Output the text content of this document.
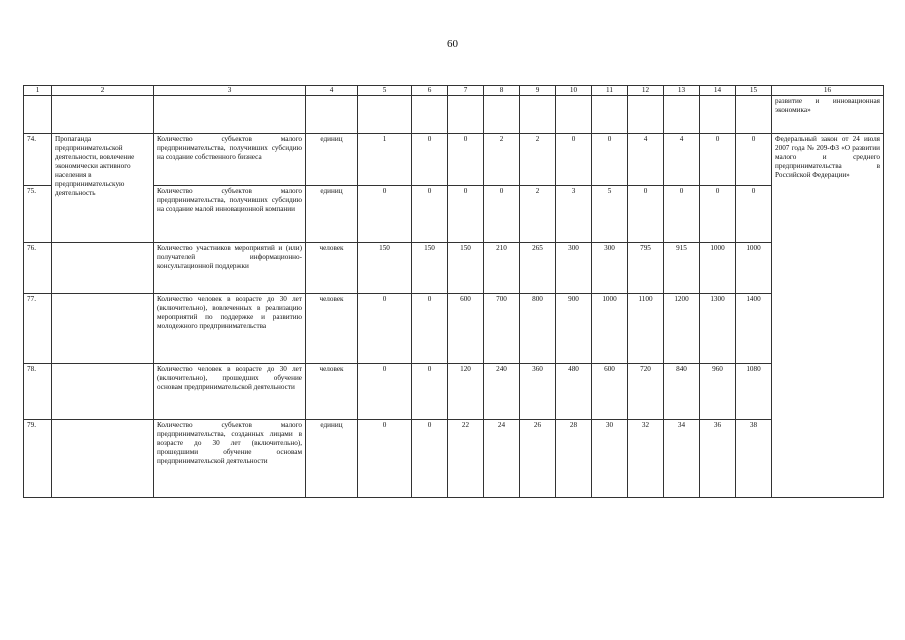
60
1	2	3	4	5	6	7	8	9	10	11	12	13	14	15	16
															развитие и инновационная экономика»
74.	Пропаганда предпринимательской деятельности, вовлечение экономически активного населения в предпринимательскую деятельность	Количество субъектов малого предпринимательства, получивших субсидию на создание собственного бизнеса	единиц	1	0	0	2	2	0	0	4	4	0	0	Федеральный закон от 24 июля 2007 года № 209-ФЗ «О развитии малого и среднего предпринимательства в Российской Федерации»
75.		Количество субъектов малого предпринимательства, получивших субсидию на создание малой инновационной компании	единиц	0	0	0	0	2	3	5	0	0	0	0	
76.		Количество участников мероприятий и (или) получателей информационно-консультационной поддержки	человек	150	150	150	210	265	300	300	795	915	1000	1000	
77.		Количество человек в возрасте до 30 лет (включительно), вовлеченных в реализацию мероприятий по поддержке и развитию молодежного предпринимательства	человек	0	0	600	700	800	900	1000	1100	1200	1300	1400	
78.		Количество человек в возрасте до 30 лет (включительно), прошедших обучение основам предпринимательской деятельности	человек	0	0	120	240	360	480	600	720	840	960	1080	
79.		Количество субъектов малого предпринимательства, созданных лицами в возрасте до 30 лет (включительно), прошедшими обучение основам предпринимательской деятельности	единиц	0	0	22	24	26	28	30	32	34	36	38	
